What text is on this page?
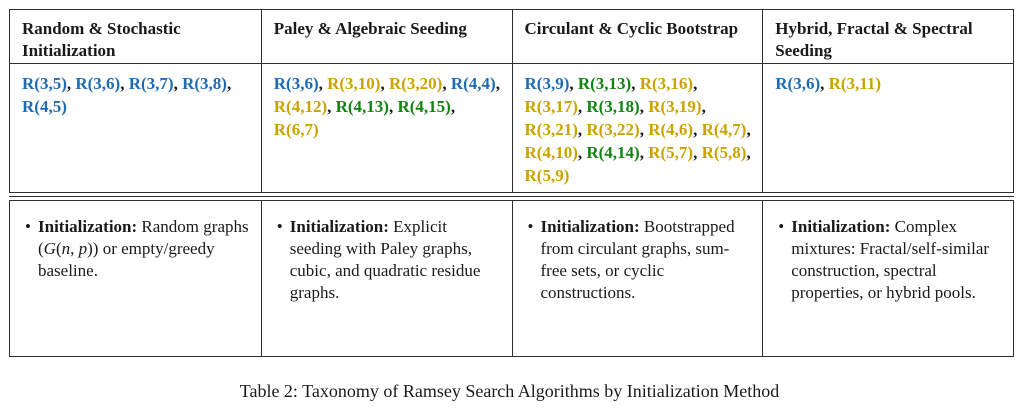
Random & Stochastic Initialization
Paley & Algebraic Seeding	Circulant & Cyclic Bootstrap	Hybrid, Fractal & Spectral Seeding
R(3,5), R(3,6), R(3,7), R(3,8), R(4,5)
R(3,6), R(3,10), R(3,20), R(4,4), R(4,12), R(4,13), R(4,15), R(6,7)
R(3,9), R(3,13), R(3,16), R(3,17), R(3,18), R(3,19), R(3,21), R(3,22), R(4,6), R(4,7), R(4,10), R(4,14), R(5,7), R(5,8), R(5,9)
R(3,6), R(3,11)
• Initialization: Random graphs (G(n, p)) or empty/greedy baseline.
• Initialization: Explicit seeding with Paley graphs, cubic, and quadratic residue graphs.
• Initialization: Bootstrapped from circulant graphs, sum-free sets, or cyclic constructions.
• Initialization: Complex mixtures: Fractal/self-similar construction, spectral properties, or hybrid pools.
Table 2: Taxonomy of Ramsey Search Algorithms by Initialization Method
